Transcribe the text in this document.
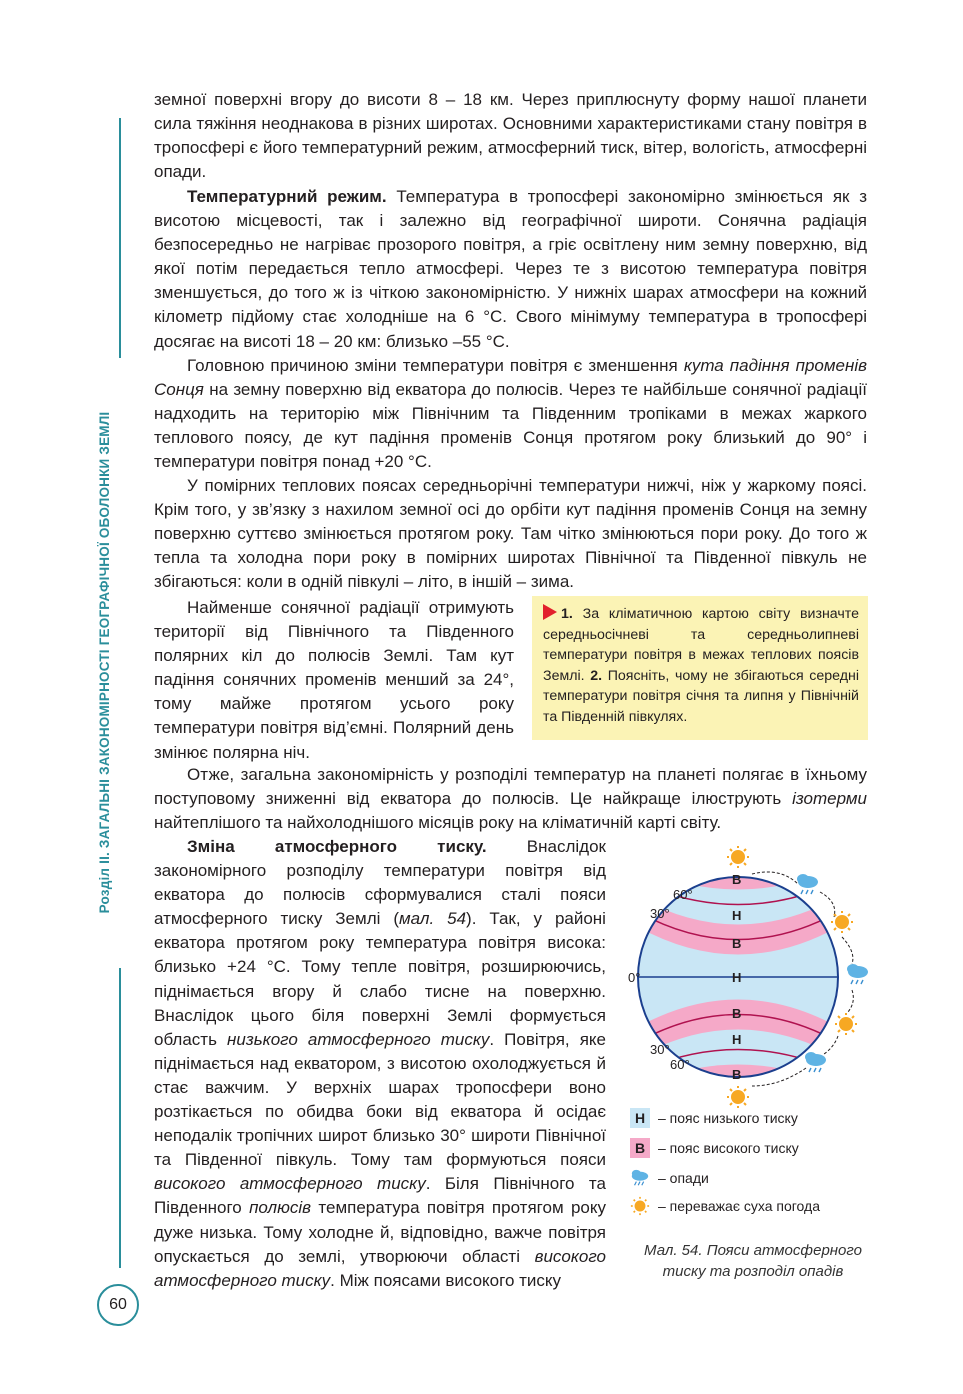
Розділ ІІ. ЗАГАЛЬНІ ЗАКОНОМІРНОСТІ ГЕОГРАФІЧНОЇ ОБОЛОНКИ ЗЕМЛІ
60

земної поверхні вгору до висоти 8 – 18 км. Через приплюснуту форму нашої планети сила тяжіння неоднакова в різних широтах. Основними характеристиками стану повітря в тропосфері є його температурний режим, атмосферний тиск, вітер, вологість, атмосферні опади.

Температурний режим. Температура в тропосфері закономірно змінюється як з висотою місцевості, так і залежно від географічної широти. Сонячна радіація безпосередньо не нагріває прозорого повітря, а гріє освітлену ним земну поверхню, від якої потім передається тепло атмосфері. Через те з висотою температура повітря зменшується, до того ж із чіткою закономірністю. У нижніх шарах атмосфери на кожний кілометр підйому стає холодніше на 6 °С. Свого мінімуму температура в тропосфері досягає на висоті 18 – 20 км: близько –55 °С.

Головною причиною зміни температури повітря є зменшення кута падіння променів Сонця на земну поверхню від екватора до полюсів. Через те найбільше сонячної радіації надходить на територію між Північним та Південним тропіками в межах жаркого теплового поясу, де кут падіння променів Сонця протягом року близький до 90° і температури повітря понад +20 °С.

У помірних теплових поясах середньорічні температури нижчі, ніж у жаркому поясі. Крім того, у зв’язку з нахилом земної осі до орбіти кут падіння променів Сонця на земну поверхню суттєво змінюється протягом року. Там чітко змінюються пори року. До того ж тепла та холодна пори року в помірних широтах Північної та Південної півкуль не збігаються: коли в одній півкулі – літо, в іншій – зима.

Найменше сонячної радіації отримують території від Північного та Південного полярних кіл до полюсів Землі. Там кут падіння сонячних променів менший за 24°, тому майже протягом усього року температури повітря від’ємні. Полярний день змінює полярна ніч.

1. За кліматичною картою світу визначте середньосічневі та середньолипневі температури повітря в межах теплових поясів Землі. 2. Поясніть, чому не збігаються середні температури повітря січня та липня у Північній та Південній півкулях.

Отже, загальна закономірність у розподілі температур на планеті полягає в їхньому поступовому зниженні від екватора до полюсів. Це найкраще ілюструють ізотерми найтеплішого та найхолоднішого місяців року на кліматичній карті світу.

Зміна атмосферного тиску. Внаслідок закономірного розподілу температури повітря від екватора до полюсів сформувалися сталі пояси атмосферного тиску Землі (мал. 54). Так, у районі екватора протягом року температура повітря висока: близько +24 °С. Тому тепле повітря, розширюючись, піднімається вгору й слабо тисне на поверхню. Внаслідок цього біля поверхні Землі формується область низького атмосферного тиску. Повітря, яке піднімається над екватором, з висотою охолоджується й стає важчим. У верхніх шарах тропосфери воно розтікається по обидва боки від екватора й осідає неподалік тропічних широт близько 30° широти Північної та Південної півкуль. Тому там формуються пояси високого атмосферного тиску. Біля Північного та Південного полюсів температура повітря протягом року дуже низька. Тому холодне й, відповідно, важче повітря опускається до землі, утворюючи області високого атмосферного тиску. Між поясами високого тиску

В
Н
В
Н
В
Н
В
60°
30°
0°
30°
60°
Н – пояс низького тиску
В – пояс високого тиску
– опади
– переважає суха погода
Мал. 54. Пояси атмосферного тиску та розподіл опадів
